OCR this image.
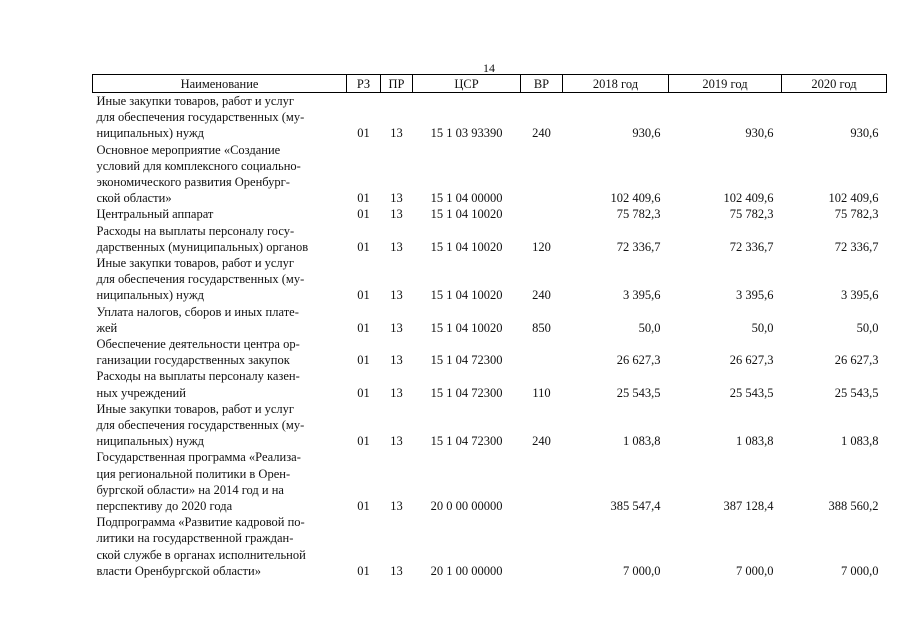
14
Наименование	РЗ	ПР	ЦСР	ВР	2018 год	2019 год	2020 год
Иные закупки товаров, работ и услуг
для обеспечения государственных (му-
ниципальных) нужд	01	13	15 1 03 93390	240	930,6	930,6	930,6
Основное мероприятие «Создание
условий для комплексного социально-
экономического развития Оренбург-
ской области»	01	13	15 1 04 00000		102 409,6	102 409,6	102 409,6
Центральный аппарат	01	13	15 1 04 10020		75 782,3	75 782,3	75 782,3
Расходы на выплаты персоналу госу-
дарственных (муниципальных) органов	01	13	15 1 04 10020	120	72 336,7	72 336,7	72 336,7
Иные закупки товаров, работ и услуг
для обеспечения государственных (му-
ниципальных) нужд	01	13	15 1 04 10020	240	3 395,6	3 395,6	3 395,6
Уплата налогов, сборов и иных плате-
жей	01	13	15 1 04 10020	850	50,0	50,0	50,0
Обеспечение деятельности центра ор-
ганизации государственных закупок	01	13	15 1 04 72300		26 627,3	26 627,3	26 627,3
Расходы на выплаты персоналу казен-
ных учреждений	01	13	15 1 04 72300	110	25 543,5	25 543,5	25 543,5
Иные закупки товаров, работ и услуг
для обеспечения государственных (му-
ниципальных) нужд	01	13	15 1 04 72300	240	1 083,8	1 083,8	1 083,8
Государственная программа «Реализа-
ция региональной политики в Орен-
бургской области» на 2014 год и на
перспективу до 2020 года	01	13	20 0 00 00000		385 547,4	387 128,4	388 560,2
Подпрограмма «Развитие кадровой по-
литики на государственной граждан-
ской службе в органах исполнительной
власти Оренбургской области»	01	13	20 1 00 00000		7 000,0	7 000,0	7 000,0
